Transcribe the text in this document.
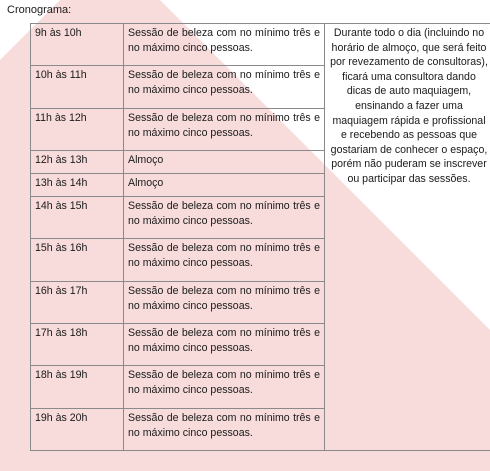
Cronograma:

9h às 10h	Sessão de beleza com no mínimo três e no máximo cinco pessoas.	Durante todo o dia (incluindo no horário de almoço, que será feito por revezamento de consultoras), ficará uma consultora dando dicas de auto maquiagem, ensinando a fazer uma maquiagem rápida e profissional e recebendo as pessoas que gostariam de conhecer o espaço, porém não puderam se inscrever ou participar das sessões.
10h às 11h	Sessão de beleza com no mínimo três e no máximo cinco pessoas.	

11h às 12h	Sessão de beleza com no mínimo três e no máximo cinco pessoas.	

12h às 13h	Almoço	

13h às 14h	Almoço	

14h às 15h	Sessão de beleza com no mínimo três e no máximo cinco pessoas.	

15h às 16h	Sessão de beleza com no mínimo três e no máximo cinco pessoas.	

16h às 17h	Sessão de beleza com no mínimo três e no máximo cinco pessoas.	

17h às 18h	Sessão de beleza com no mínimo três e no máximo cinco pessoas.	

18h às 19h	Sessão de beleza com no mínimo três e no máximo cinco pessoas.	

19h às 20h	Sessão de beleza com no mínimo três e no máximo cinco pessoas.	
